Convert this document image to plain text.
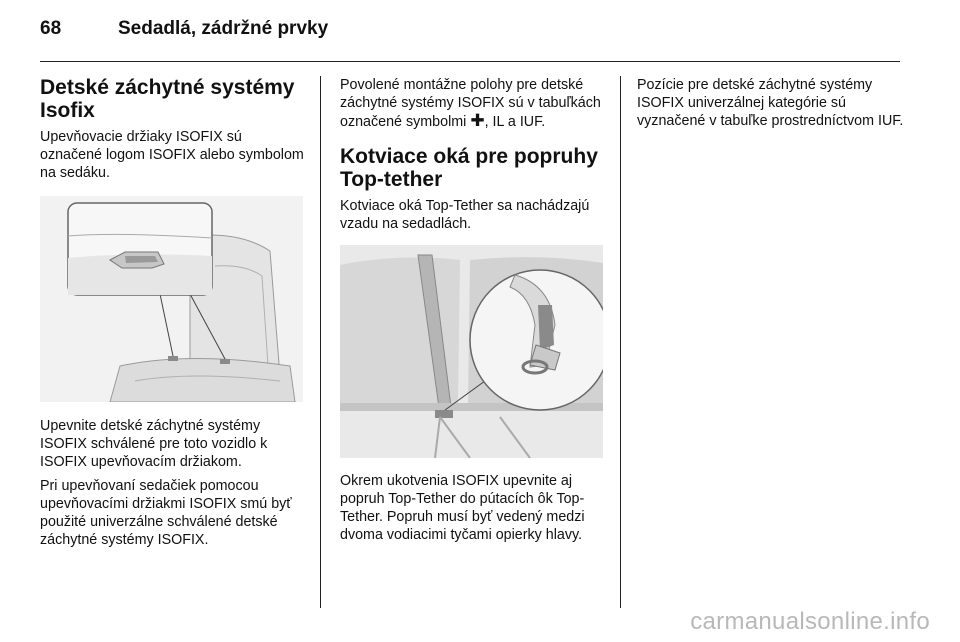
68	Sedadlá, zádržné prvky
Detské záchytné systémy Isofix

Upevňovacie držiaky ISOFIX sú označené logom ISOFIX alebo symbolom na sedáku.

Upevnite detské záchytné systémy ISOFIX schválené pre toto vozidlo k ISOFIX upevňovacím držiakom.

Pri upevňovaní sedačiek pomocou upevňovacími držiakmi ISOFIX smú byť použité univerzálne schválené detské záchytné systémy ISOFIX.

Povolené montážne polohy pre detské záchytné systémy ISOFIX sú v tabuľkách označené symbolmi ✚, IL a IUF.

Kotviace oká pre popruhy Top-tether

Kotviace oká Top-Tether sa nachádzajú vzadu na sedadlách.

Okrem ukotvenia ISOFIX upevnite aj popruh Top-Tether do pútacích ôk Top-Tether. Popruh musí byť vedený medzi dvoma vodiacimi tyčami opierky hlavy.

Pozície pre detské záchytné systémy ISOFIX univerzálnej kategórie sú vyznačené v tabuľke prostredníctvom IUF.

carmanualsonline.info
